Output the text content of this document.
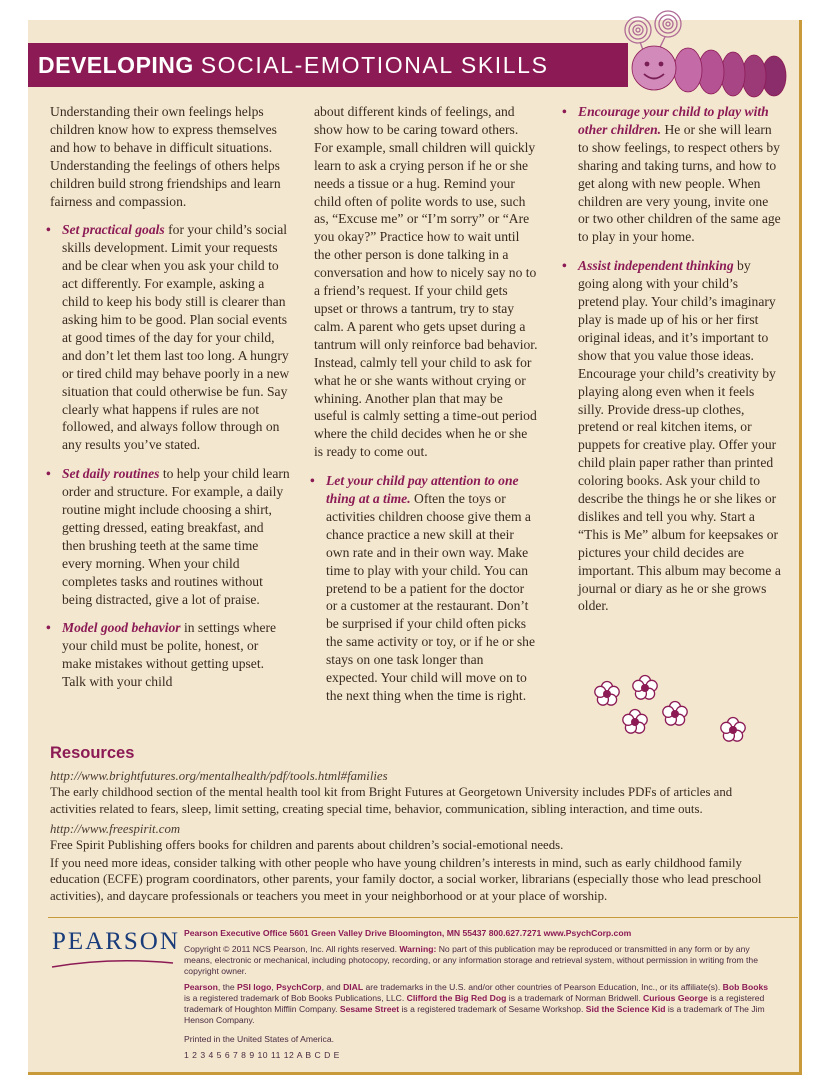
DEVELOPING SOCIAL-EMOTIONAL SKILLS

Understanding their own feelings helps children know how to express themselves and how to behave in difficult situations. Understanding the feelings of others helps children build strong friendships and learn fairness and compassion.

• Set practical goals for your child’s social skills development. Limit your requests and be clear when you ask your child to act differently. For example, asking a child to keep his body still is clearer than asking him to be good. Plan social events at good times of the day for your child, and don’t let them last too long. A hungry or tired child may behave poorly in a new situation that could otherwise be fun. Say clearly what happens if rules are not followed, and always follow through on any results you’ve stated.
• Set daily routines to help your child learn order and structure. For example, a daily routine might include choosing a shirt, getting dressed, eating breakfast, and then brushing teeth at the same time every morning. When your child completes tasks and routines without being distracted, give a lot of praise.
• Model good behavior in settings where your child must be polite, honest, or make mistakes without getting upset. Talk with your child

about different kinds of feelings, and show how to be caring toward others. For example, small children will quickly learn to ask a crying person if he or she needs a tissue or a hug. Remind your child often of polite words to use, such as, “Excuse me” or “I’m sorry” or “Are you okay?” Practice how to wait until the other person is done talking in a conversation and how to nicely say no to a friend’s request. If your child gets upset or throws a tantrum, try to stay calm. A parent who gets upset during a tantrum will only reinforce bad behavior. Instead, calmly tell your child to ask for what he or she wants without crying or whining. Another plan that may be useful is calmly setting a time-out period where the child decides when he or she is ready to come out.

• Let your child pay attention to one thing at a time. Often the toys or activities children choose give them a chance practice a new skill at their own rate and in their own way. Make time to play with your child. You can pretend to be a patient for the doctor or a customer at the restaurant. Don’t be surprised if your child often picks the same activity or toy, or if he or she stays on one task longer than expected. Your child will move on to the next thing when the time is right.
• Encourage your child to play with other children. He or she will learn to show feelings, to respect others by sharing and taking turns, and how to get along with new people. When children are very young, invite one or two other children of the same age to play in your home.
• Assist independent thinking by going along with your child’s pretend play. Your child’s imaginary play is made up of his or her first original ideas, and it’s important to show that you value those ideas. Encourage your child’s creativity by playing along even when it feels silly. Provide dress-up clothes, pretend or real kitchen items, or puppets for creative play. Offer your child plain paper rather than printed coloring books. Ask your child to describe the things he or she likes or dislikes and tell you why. Start a “This is Me” album for keepsakes or pictures your child decides are important. This album may become a journal or diary as he or she grows older.
Resources
http://www.brightfutures.org/mentalhealth/pdf/tools.html#families
The early childhood section of the mental health tool kit from Bright Futures at Georgetown University includes PDFs of articles and activities related to fears, sleep, limit setting, creating special time, behavior, communication, sibling interaction, and time outs.
http://www.freespirit.com
Free Spirit Publishing offers books for children and parents about children’s social-emotional needs.
If you need more ideas, consider talking with other people who have young children’s interests in mind, such as early childhood family education (ECFE) program coordinators, other parents, your family doctor, a social worker, librarians (especially those who lead preschool activities), and daycare professionals or teachers you meet in your neighborhood or at your place of worship.
PEARSON Pearson Executive Office 5601 Green Valley Drive Bloomington, MN 55437 800.627.7271 www.PsychCorp.com
Copyright © 2011 NCS Pearson, Inc. All rights reserved. Warning: No part of this publication may be reproduced or transmitted in any form or by any means, electronic or mechanical, including photocopy, recording, or any information storage and retrieval system, without permission in writing from the copyright owner.
Pearson, the PSI logo, PsychCorp, and DIAL are trademarks in the U.S. and/or other countries of Pearson Education, Inc., or its affiliate(s). Bob Books is a registered trademark of Bob Books Publications, LLC. Clifford the Big Red Dog is a trademark of Norman Bridwell. Curious George is a registered trademark of Houghton Mifflin Company. Sesame Street is a registered trademark of Sesame Workshop. Sid the Science Kid is a trademark of The Jim Henson Company.
Printed in the United States of America.
1 2 3 4 5 6 7 8 9 10 11 12 A B C D E
